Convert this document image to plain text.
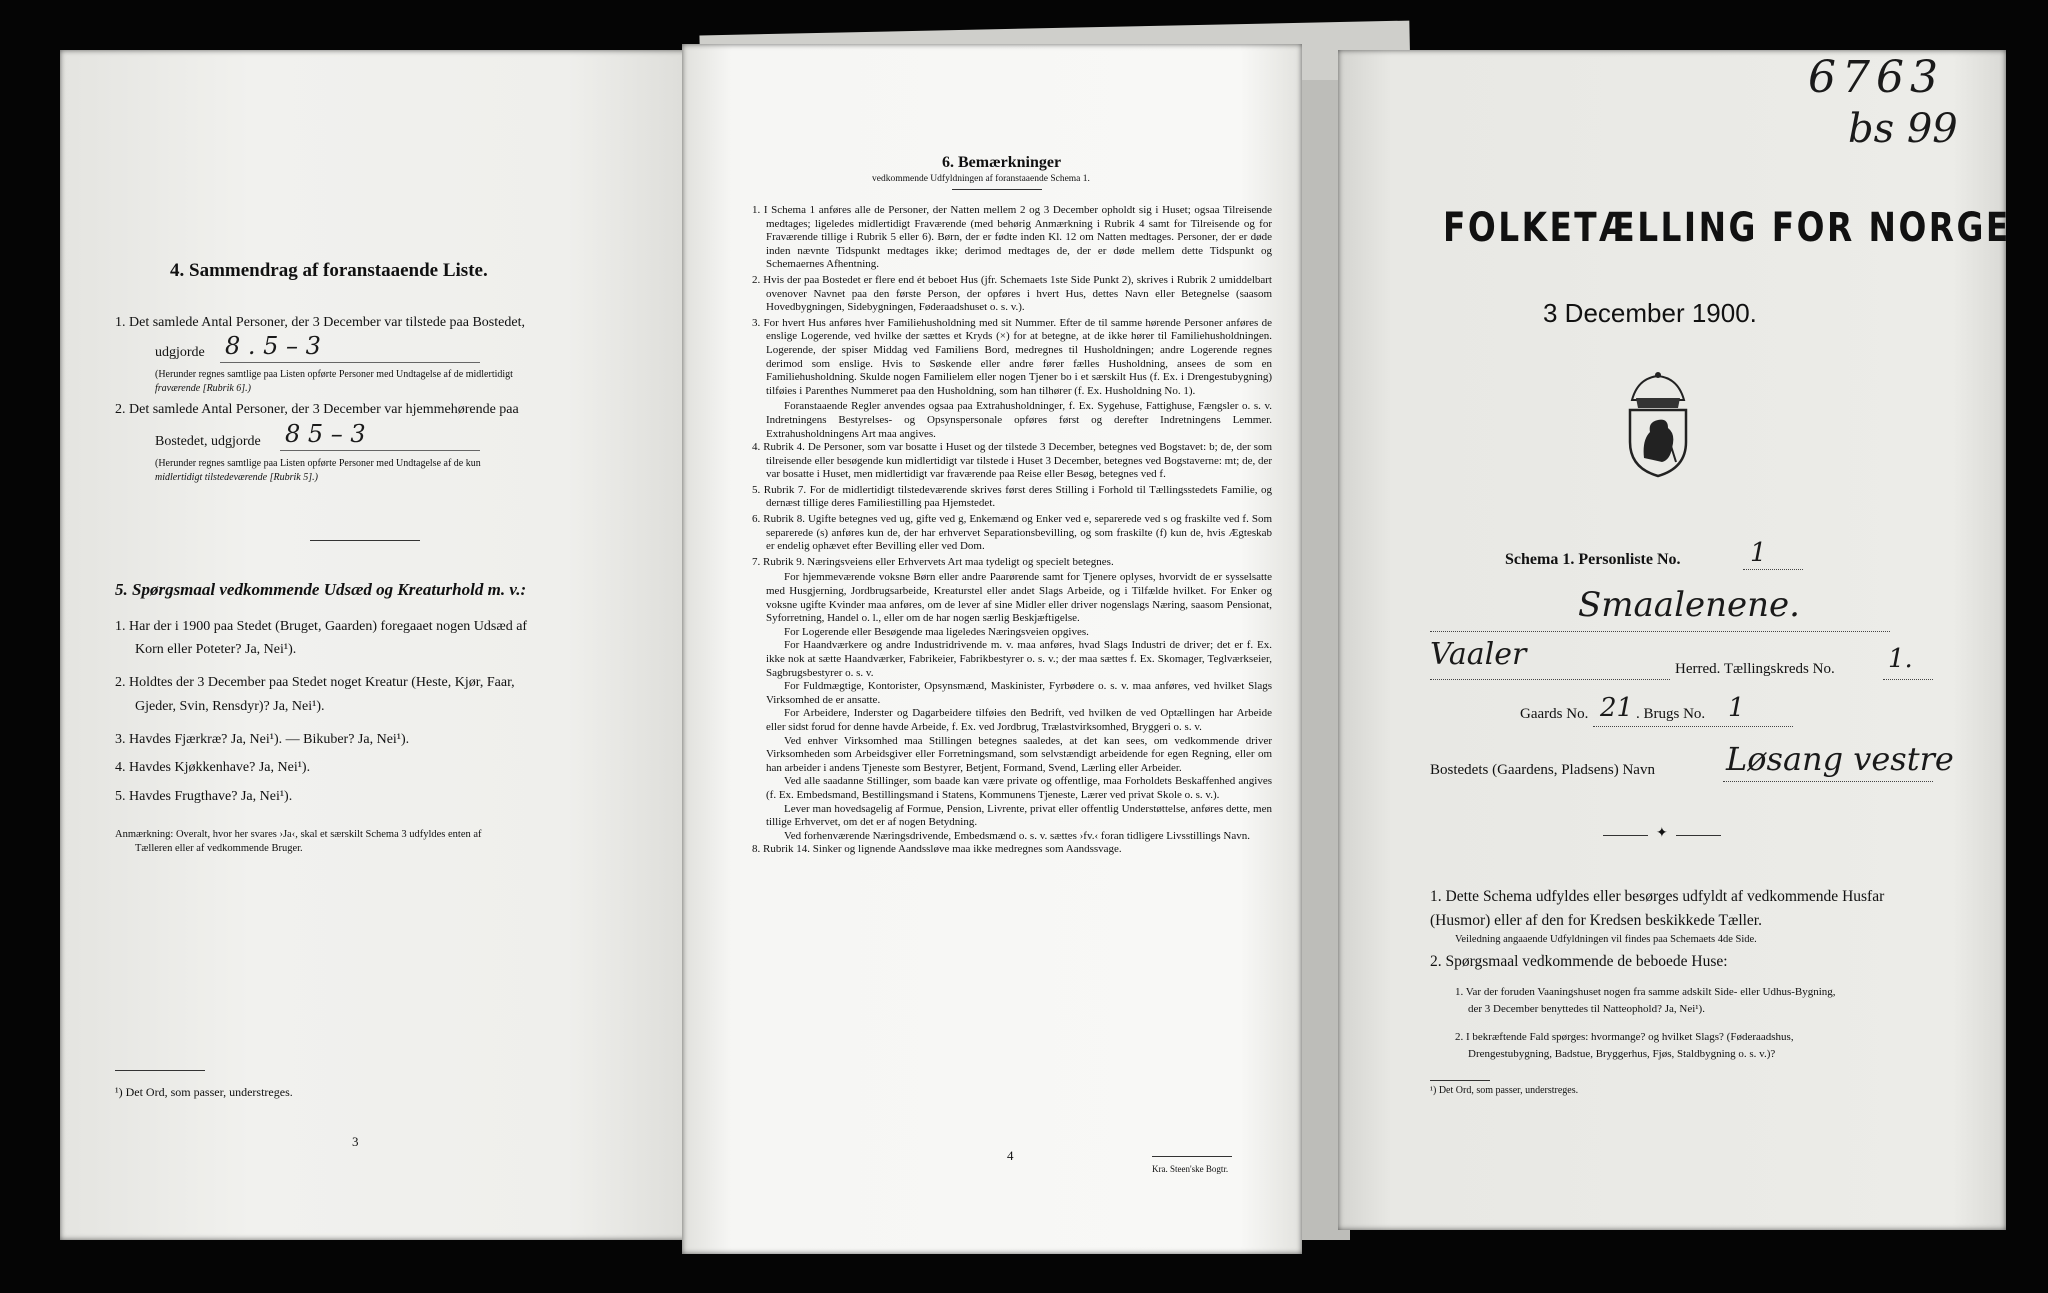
4. Sammendrag af foranstaaende Liste.
1. Det samlede Antal Personer, der 3 December var tilstede paa Bostedet,
udgjorde 8 . 5 – 3
(Herunder regnes samtlige paa Listen opførte Personer med Undtagelse af de midlertidigt
fraværende [Rubrik 6].)
2. Det samlede Antal Personer, der 3 December var hjemmehørende paa
Bostedet, udgjorde 8 5 – 3
(Herunder regnes samtlige paa Listen opførte Personer med Undtagelse af de kun
midlertidigt tilstedeværende [Rubrik 5].)
5. Spørgsmaal vedkommende Udsæd og Kreaturhold m. v.:
1. Har der i 1900 paa Stedet (Bruget, Gaarden) foregaaet nogen Udsæd af
Korn eller Poteter? Ja, Nei¹).
2. Holdtes der 3 December paa Stedet noget Kreatur (Heste, Kjør, Faar,
Gjeder, Svin, Rensdyr)? Ja, Nei¹).
3. Havdes Fjærkræ? Ja, Nei¹). — Bikuber? Ja, Nei¹).
4. Havdes Kjøkkenhave? Ja, Nei¹).
5. Havdes Frugthave? Ja, Nei¹).
Anmærkning: Overalt, hvor her svares ›Ja‹, skal et særskilt Schema 3 udfyldes enten af
Tælleren eller af vedkommende Bruger.
¹) Det Ord, som passer, understreges.
3
6. Bemærkninger
vedkommende Udfyldningen af foranstaaende Schema 1.

1. I Schema 1 anføres alle de Personer, der Natten mellem 2 og 3 December opholdt sig i Huset; ogsaa Tilreisende medtages; ligeledes midlertidigt Fraværende (med behørig Anmærkning i Rubrik 4 samt for Tilreisende og for Fraværende tillige i Rubrik 5 eller 6). Børn, der er fødte inden Kl. 12 om Natten medtages. Personer, der er døde inden nævnte Tidspunkt medtages ikke; derimod medtages de, der er døde mellem dette Tidspunkt og Schemaernes Afhentning.

2. Hvis der paa Bostedet er flere end ét beboet Hus (jfr. Schemaets 1ste Side Punkt 2), skrives i Rubrik 2 umiddelbart ovenover Navnet paa den første Person, der opføres i hvert Hus, dettes Navn eller Betegnelse (saasom Hovedbygningen, Sidebygningen, Føderaadshuset o. s. v.).

3. For hvert Hus anføres hver Familiehusholdning med sit Nummer. Efter de til samme hørende Personer anføres de enslige Logerende, ved hvilke der sættes et Kryds (×) for at betegne, at de ikke hører til Familiehusholdningen. Logerende, der spiser Middag ved Familiens Bord, medregnes til Husholdningen; andre Logerende regnes derimod som enslige. Hvis to Søskende eller andre fører fælles Husholdning, ansees de som en Familiehusholdning. Skulde nogen Familielem eller nogen Tjener bo i et særskilt Hus (f. Ex. i Drengestubygning) tilføies i Parenthes Nummeret paa den Husholdning, som han tilhører (f. Ex. Husholdning No. 1).

Foranstaaende Regler anvendes ogsaa paa Extrahusholdninger, f. Ex. Sygehuse, Fattighuse, Fængsler o. s. v. Indretningens Bestyrelses- og Opsynspersonale opføres først og derefter Indretningens Lemmer. Extrahusholdningens Art maa angives.

4. Rubrik 4. De Personer, som var bosatte i Huset og der tilstede 3 December, betegnes ved Bogstavet: b; de, der som tilreisende eller besøgende kun midlertidigt var tilstede i Huset 3 December, betegnes ved Bogstaverne: mt; de, der var bosatte i Huset, men midlertidigt var fraværende paa Reise eller Besøg, betegnes ved f.

5. Rubrik 7. For de midlertidigt tilstedeværende skrives først deres Stilling i Forhold til Tællingsstedets Familie, og dernæst tillige deres Familiestilling paa Hjemstedet.

6. Rubrik 8. Ugifte betegnes ved ug, gifte ved g, Enkemænd og Enker ved e, separerede ved s og fraskilte ved f. Som separerede (s) anføres kun de, der har erhvervet Separationsbevilling, og som fraskilte (f) kun de, hvis Ægteskab er endelig ophævet efter Bevilling eller ved Dom.

7. Rubrik 9. Næringsveiens eller Erhvervets Art maa tydeligt og specielt betegnes.

For hjemmeværende voksne Børn eller andre Paarørende samt for Tjenere oplyses, hvorvidt de er sysselsatte med Husgjerning, Jordbrugsarbeide, Kreaturstel eller andet Slags Arbeide, og i Tilfælde hvilket. For Enker og voksne ugifte Kvinder maa anføres, om de lever af sine Midler eller driver nogenslags Næring, saasom Pensionat, Syforretning, Handel o. l., eller om de har nogen særlig Beskjæftigelse.

For Logerende eller Besøgende maa ligeledes Næringsveien opgives.

For Haandværkere og andre Industridrivende m. v. maa anføres, hvad Slags Industri de driver; det er f. Ex. ikke nok at sætte Haandværker, Fabrikeier, Fabrikbestyrer o. s. v.; der maa sættes f. Ex. Skomager, Teglværkseier, Sagbrugsbestyrer o. s. v.

For Fuldmægtige, Kontorister, Opsynsmænd, Maskinister, Fyrbødere o. s. v. maa anføres, ved hvilket Slags Virksomhed de er ansatte.

For Arbeidere, Inderster og Dagarbeidere tilføies den Bedrift, ved hvilken de ved Optællingen har Arbeide eller sidst forud for denne havde Arbeide, f. Ex. ved Jordbrug, Trælastvirksomhed, Bryggeri o. s. v.

Ved enhver Virksomhed maa Stillingen betegnes saaledes, at det kan sees, om vedkommende driver Virksomheden som Arbeidsgiver eller Forretningsmand, som selvstændigt arbeidende for egen Regning, eller om han arbeider i andens Tjeneste som Bestyrer, Betjent, Formand, Svend, Lærling eller Arbeider.

Ved alle saadanne Stillinger, som baade kan være private og offentlige, maa Forholdets Beskaffenhed angives (f. Ex. Embedsmand, Bestillingsmand i Statens, Kommunens Tjeneste, Lærer ved privat Skole o. s. v.).

Lever man hovedsagelig af Formue, Pension, Livrente, privat eller offentlig Understøttelse, anføres dette, men tillige Erhvervet, om det er af nogen Betydning.

Ved forhenværende Næringsdrivende, Embedsmænd o. s. v. sættes ›fv.‹ foran tidligere Livsstillings Navn.

8. Rubrik 14. Sinker og lignende Aandssløve maa ikke medregnes som Aandssvage.

4
Kra. Steen'ske Bogtr.
6763
bs 99
FOLKETÆLLING FOR NORGE
3 December 1900.
Schema 1. Personliste No.	1
Smaalenene.
Vaaler	Herred. Tællingskreds No. 1.
Gaards No. 21 . Brugs No. 1
Bostedets (Gaardens, Pladsens) Navn Løsang vestre
✦
1. Dette Schema udfyldes eller besørges udfyldt af vedkommende Husfar (Husmor) eller af den for Kredsen beskikkede Tæller.
Veiledning angaaende Udfyldningen vil findes paa Schemaets 4de Side.
2. Spørgsmaal vedkommende de beboede Huse:
1. Var der foruden Vaaningshuset nogen fra samme adskilt Side- eller Udhus-Bygning,
der 3 December benyttedes til Natteophold? Ja, Nei¹).
2. I bekræftende Fald spørges: hvormange? og hvilket Slags? (Føderaadshus,
Drengestubygning, Badstue, Bryggerhus, Fjøs, Staldbygning o. s. v.)?
¹) Det Ord, som passer, understreges.
